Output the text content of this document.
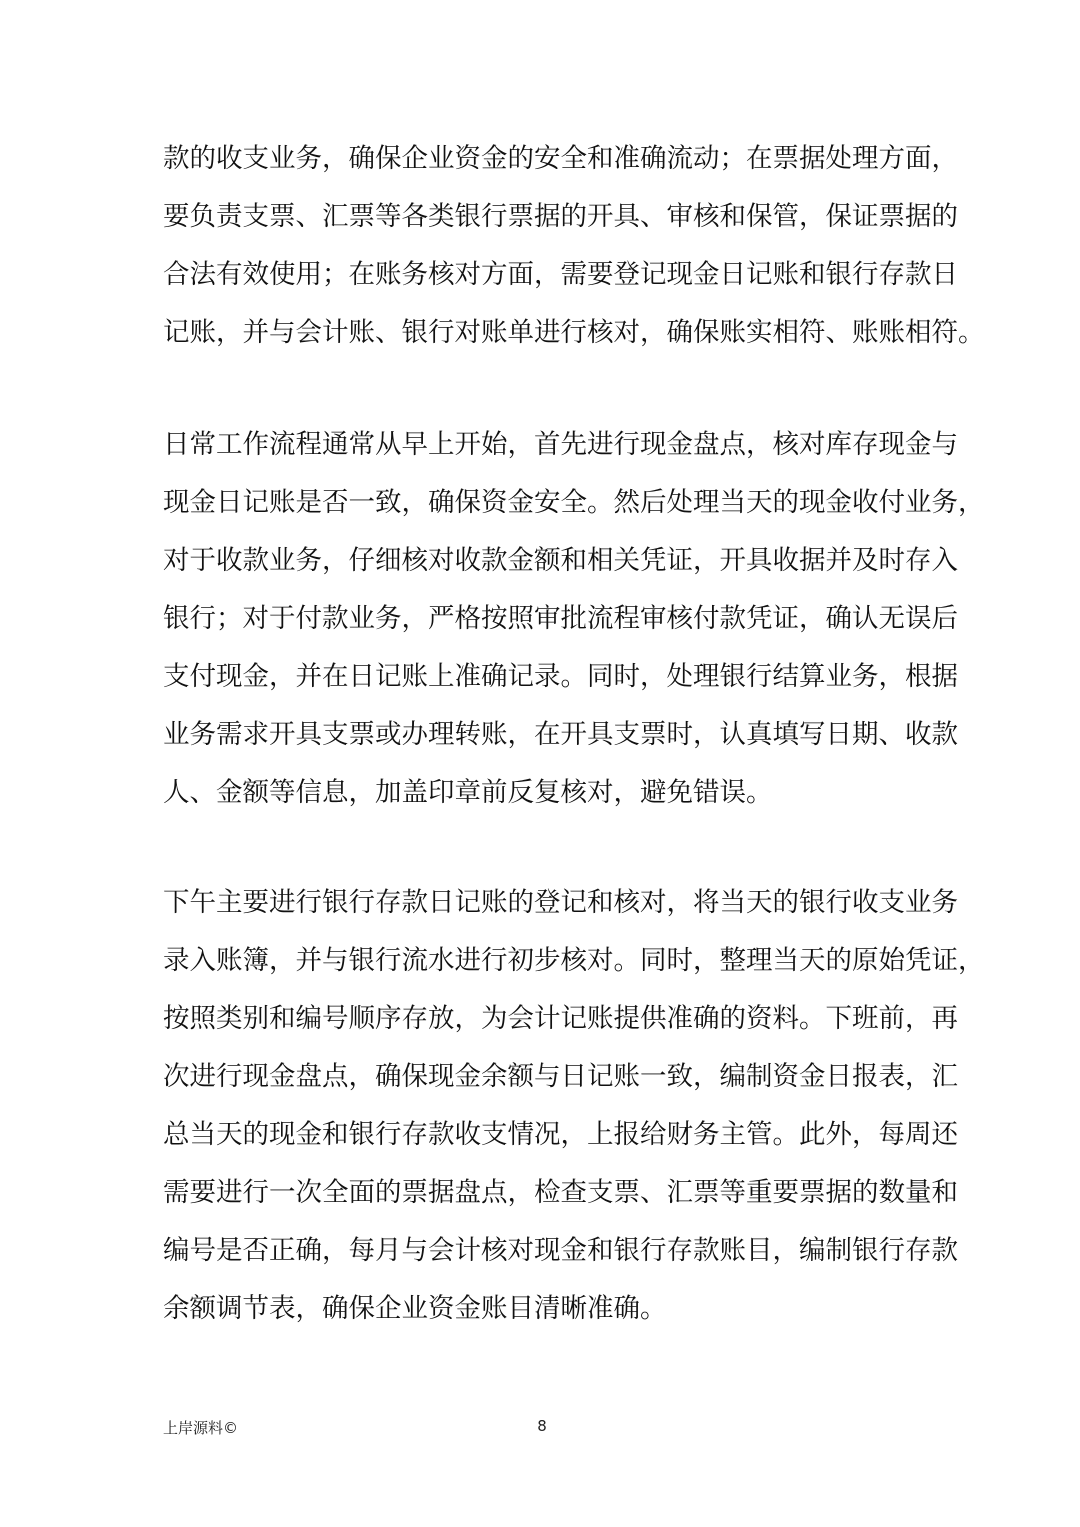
款的收支业务，确保企业资金的安全和准确流动；在票据处理方面，
要负责支票、汇票等各类银行票据的开具、审核和保管，保证票据的
合法有效使用；在账务核对方面，需要登记现金日记账和银行存款日
记账，并与会计账、银行对账单进行核对，确保账实相符、账账相符。
日常工作流程通常从早上开始，首先进行现金盘点，核对库存现金与
现金日记账是否一致，确保资金安全。然后处理当天的现金收付业务，
对于收款业务，仔细核对收款金额和相关凭证，开具收据并及时存入
银行；对于付款业务，严格按照审批流程审核付款凭证，确认无误后
支付现金，并在日记账上准确记录。同时，处理银行结算业务，根据
业务需求开具支票或办理转账，在开具支票时，认真填写日期、收款
人、金额等信息，加盖印章前反复核对，避免错误。
下午主要进行银行存款日记账的登记和核对，将当天的银行收支业务
录入账簿，并与银行流水进行初步核对。同时，整理当天的原始凭证，
按照类别和编号顺序存放，为会计记账提供准确的资料。下班前，再
次进行现金盘点，确保现金余额与日记账一致，编制资金日报表，汇
总当天的现金和银行存款收支情况，上报给财务主管。此外，每周还
需要进行一次全面的票据盘点，检查支票、汇票等重要票据的数量和
编号是否正确，每月与会计核对现金和银行存款账目，编制银行存款
余额调节表，确保企业资金账目清晰准确。
上岸源料©	8
